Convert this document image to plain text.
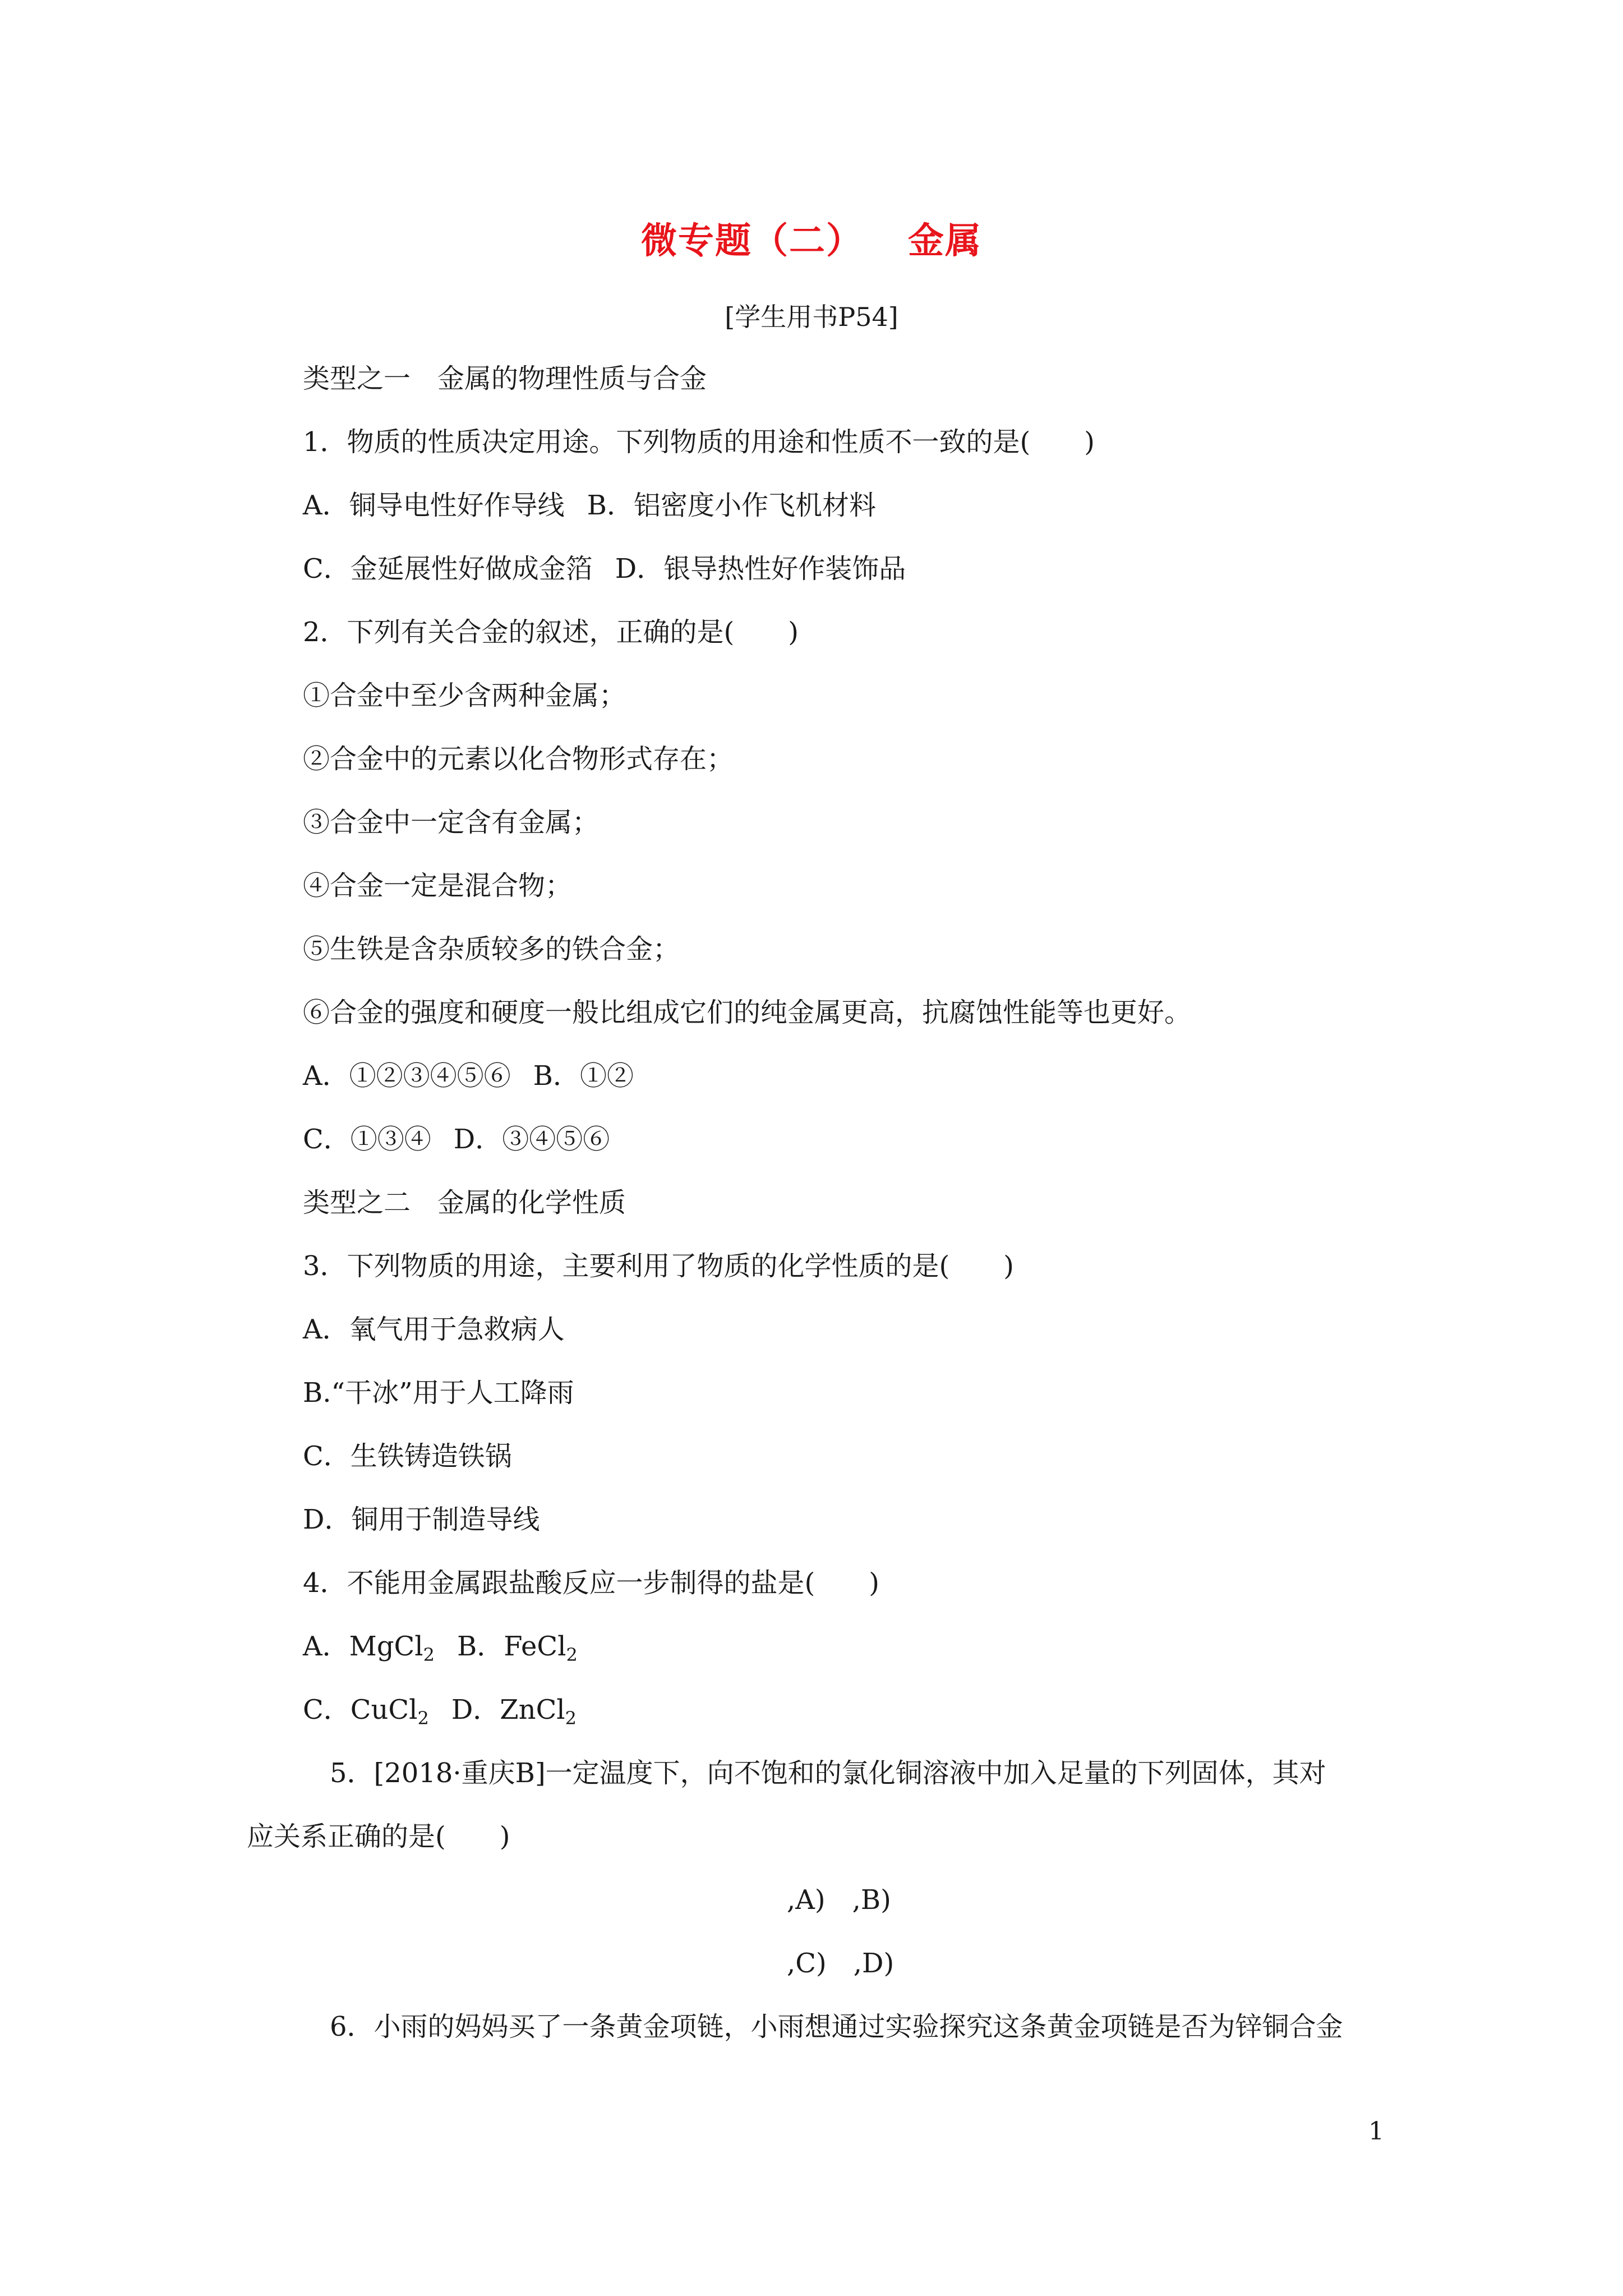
微专题（二） 金属
[学生用书P54]
类型之一　金属的物理性质与合金
1．物质的性质决定用途。下列物质的用途和性质不一致的是(　　)
A．铜导电性好作导线 B．铝密度小作飞机材料
C．金延展性好做成金箔 D．银导热性好作装饰品
2．下列有关合金的叙述，正确的是(　　)
①合金中至少含两种金属；
②合金中的元素以化合物形式存在；
③合金中一定含有金属；
④合金一定是混合物；
⑤生铁是含杂质较多的铁合金；
⑥合金的强度和硬度一般比组成它们的纯金属更高，抗腐蚀性能等也更好。
A．①②③④⑤⑥ B．①②
C．①③④ D．③④⑤⑥
类型之二　金属的化学性质
3．下列物质的用途，主要利用了物质的化学性质的是(　　)
A．氧气用于急救病人
B.“干冰”用于人工降雨
C．生铁铸造铁锅
D．铜用于制造导线
4．不能用金属跟盐酸反应一步制得的盐是(　　)
A．MgCl$_2$ B．FeCl$_2$
C．CuCl$_2$ D．ZnCl$_2$
5．[2018·重庆B]一定温度下，向不饱和的氯化铜溶液中加入足量的下列固体，其对
应关系正确的是(　　)
,A)　,B)
,C)　,D)
6．小雨的妈妈买了一条黄金项链，小雨想通过实验探究这条黄金项链是否为锌铜合金
1
